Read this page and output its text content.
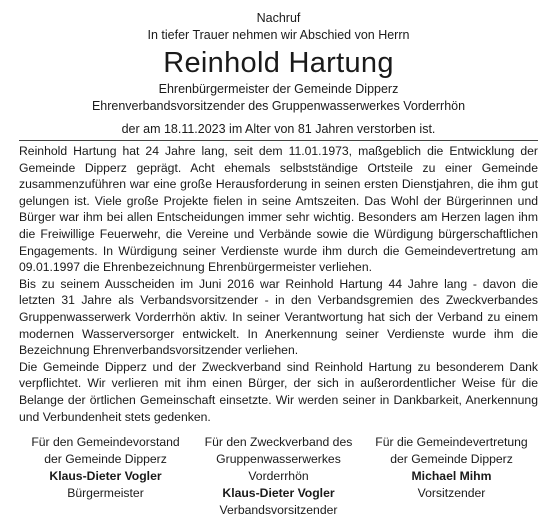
Nachruf
In tiefer Trauer nehmen wir Abschied von Herrn
Reinhold Hartung
Ehrenbürgermeister der Gemeinde Dipperz
Ehrenverbandsvorsitzender des Gruppenwasserwerkes Vorderrhön
der am 18.11.2023 im Alter von 81 Jahren verstorben ist.

Reinhold Hartung hat 24 Jahre lang, seit dem 11.01.1973, maßgeblich die Entwicklung der Gemeinde Dipperz geprägt. Acht ehemals selbstständige Ortsteile zu einer Gemeinde zusammenzuführen war eine große Herausforderung in seinen ersten Dienstjahren, die ihm gut gelungen ist. Viele große Projekte fielen in seine Amtszeiten. Das Wohl der Bürgerinnen und Bürger war ihm bei allen Entscheidungen immer sehr wichtig. Besonders am Herzen lagen ihm die Freiwillige Feuerwehr, die Vereine und Verbände sowie die Würdigung bürgerschaftlichen Engagements. In Würdigung seiner Verdienste wurde ihm durch die Gemeindevertretung am 09.01.1997 die Ehrenbezeichnung Ehrenbürgermeister verliehen.

Bis zu seinem Ausscheiden im Juni 2016 war Reinhold Hartung 44 Jahre lang - davon die letzten 31 Jahre als Verbandsvorsitzender - in den Verbandsgremien des Zweckverbandes Gruppenwasserwerk Vorderrhön aktiv. In seiner Verantwortung hat sich der Verband zu einem modernen Wasserversorger entwickelt. In Anerkennung seiner Verdienste wurde ihm die Bezeichnung Ehrenverbandsvorsitzender verliehen.

Die Gemeinde Dipperz und der Zweckverband sind Reinhold Hartung zu besonderem Dank verpflichtet. Wir verlieren mit ihm einen Bürger, der sich in außerordentlicher Weise für die Belange der örtlichen Gemeinschaft einsetzte. Wir werden seiner in Dankbarkeit, Anerkennung und Verbundenheit stets gedenken.

Für den Gemeindevorstand
der Gemeinde Dipperz
Klaus-Dieter Vogler
Bürgermeister
Für den Zweckverband des
Gruppenwasserwerkes Vorderrhön
Klaus-Dieter Vogler
Verbandsvorsitzender
Für die Gemeindevertretung
der Gemeinde Dipperz
Michael Mihm
Vorsitzender
